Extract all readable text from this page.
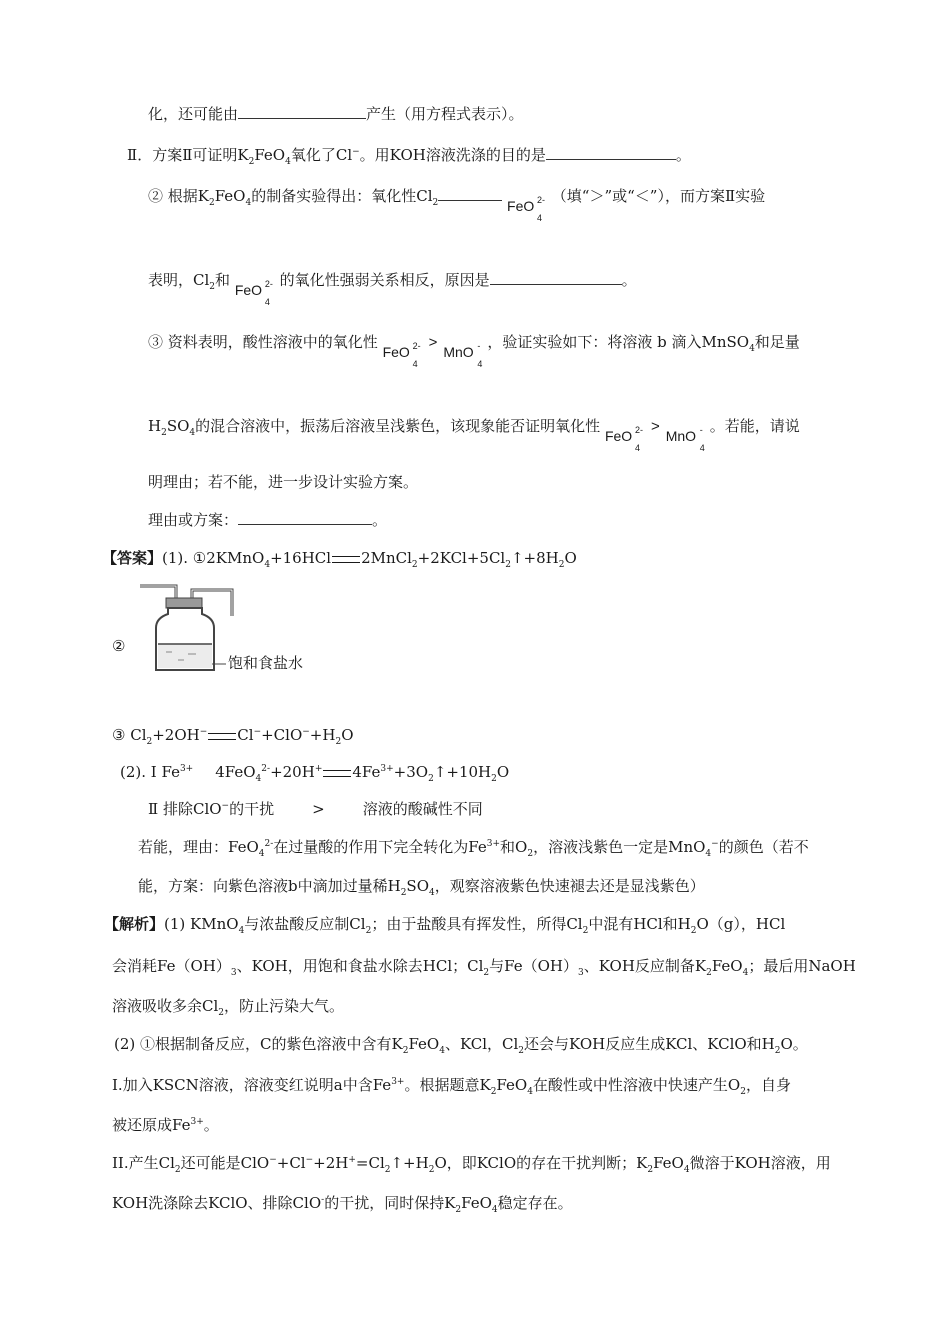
化，还可能由	产生（用方程式表示）。
Ⅱ．方案Ⅱ可证明$K_2FeO_4$氧化了Cl−。用KOH溶液洗涤的目的是	。
② 根据$K_2FeO_4$的制备实验得出：氧化性$Cl_2$	FeO 2-
4
（填“＞”或“＜”），而方案Ⅱ实验
表明，$Cl_2$和
FeO 2-
4
的氧化性强弱关系相反，原因是	。
③ 资料表明，酸性溶液中的氧化性
FeO 2-
4
>
MnO -
4
，验证实验如下：将溶液 b 滴入MnSO$_4$和足量
$H_2SO_4$的混合溶液中，振荡后溶液呈浅紫色，该现象能否证明氧化性
FeO 2-
4
>
MnO -
4
。若能，请说
明理由；若不能，进一步设计实验方案。
理由或方案：	。
【答案】(1). ①2KMnO$_4$+16HCl $2MnCl_2+2KCl+5Cl_2↑+8H_2O$
②
饱和食盐水
③ $Cl_2+2OH^-$ $Cl^-+ClO^-+H_2O$
(2). Ⅰ $Fe^{3+}$ 4FeO$_4^{2-}$+20H+ $4Fe^{3+}+3O_2↑+10H_2O$
Ⅱ 排除ClO−的干扰	>	溶液的酸碱性不同
若能，理由：FeO$_4^{2-}$在过量酸的作用下完全转化为$Fe^{3+}$和$O_2$，溶液浅紫色一定是MnO$_4$−的颜色（若不
能，方案：向紫色溶液b中滴加过量稀$H_2SO_4$，观察溶液紫色快速褪去还是显浅紫色）
【解析】(1) KMnO$_4$与浓盐酸反应制$Cl_2$；由于盐酸具有挥发性，所得$Cl_2$中混有HCl和$H_2O(g)$，HCl
会消耗$Fe(OH)_3$、KOH，用饱和食盐水除去HCl；$Cl_2$与$Fe(OH)_3$、KOH反应制备$K_2FeO_4$；最后用NaOH
溶液吸收多余$Cl_2$，防止污染大气。
(2) ①根据制备反应，C的紫色溶液中含有$K_2FeO_4$、KCl，$Cl_2$还会与KOH反应生成KCl、KClO和$H_2O$。
I.加入KSCN溶液，溶液变红说明a中含$Fe^{3+}$。根据题意$K_2FeO_4$在酸性或中性溶液中快速产生$O_2$，自身
被还原成$Fe^{3+}$。
II.产生$Cl_2$还可能是$ClO^-+Cl^-+2H^+=Cl_2↑+H_2O$，即KClO的存在干扰判断；$K_2FeO_4$微溶于KOH溶液，用
KOH洗涤除去KClO、排除ClO-的干扰，同时保持$K_2FeO_4$稳定存在。
